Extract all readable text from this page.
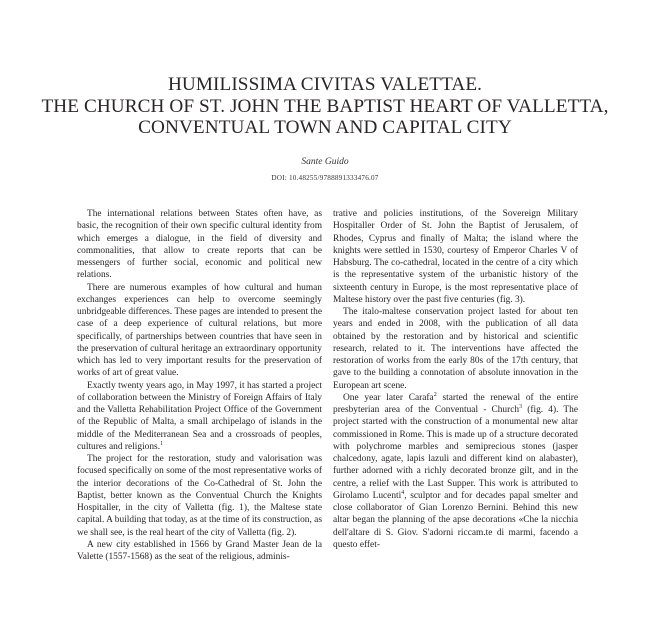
HUMILISSIMA CIVITAS VALETTAE.
THE CHURCH OF ST. JOHN THE BAPTIST HEART OF VALLETTA,
CONVENTUAL TOWN AND CAPITAL CITY
Sante Guido
DOI: 10.48255/9788891333476.07

The international relations between States often have, as basic, the recognition of their own specific cultural identity from which emerges a dialogue, in the field of diversity and commonalities, that allow to create reports that can be messengers of further social, economic and political new relations.

There are numerous examples of how cultural and human exchanges experiences can help to overcome seemingly unbridgeable differences. These pages are intended to present the case of a deep experience of cultural relations, but more specifically, of partnerships between countries that have seen in the preservation of cultural heritage an extraordinary opportunity which has led to very important results for the preservation of works of art of great value.

Exactly twenty years ago, in May 1997, it has started a project of collaboration between the Ministry of Foreign Affairs of Italy and the Valletta Rehabilitation Project Office of the Government of the Republic of Malta, a small archipelago of islands in the middle of the Mediterranean Sea and a crossroads of peoples, cultures and religions.$^1$

The project for the restoration, study and valorisation was focused specifically on some of the most representative works of the interior decorations of the Co-Cathedral of St. John the Baptist, better known as the Conventual Church the Knights Hospitaller, in the city of Valletta (fig. 1), the Maltese state capital. A building that today, as at the time of its construction, as we shall see, is the real heart of the city of Valletta (fig. 2).

A new city established in 1566 by Grand Master Jean de la Valette (1557-1568) as the seat of the religious, adminis-

trative and policies institutions, of the Sovereign Military Hospitaller Order of St. John the Baptist of Jerusalem, of Rhodes, Cyprus and finally of Malta; the island where the knights were settled in 1530, courtesy of Emperor Charles V of Habsburg. The co-cathedral, located in the centre of a city which is the representative system of the urbanistic history of the sixteenth century in Europe, is the most representative place of Maltese history over the past five centuries (fig. 3).

The italo-maltese conservation project lasted for about ten years and ended in 2008, with the publication of all data obtained by the restoration and by historical and scientific research, related to it. The interventions have affected the restoration of works from the early 80s of the 17th century, that gave to the building a connotation of absolute innovation in the European art scene.

One year later Carafa$^2$ started the renewal of the entire presbyterian area of the Conventual - Church$^3$ (fig. 4). The project started with the construction of a monumental new altar commissioned in Rome. This is made up of a structure decorated with polychrome marbles and semiprecious stones (jasper chalcedony, agate, lapis lazuli and different kind on alabaster), further adorned with a richly decorated bronze gilt, and in the centre, a relief with the Last Supper. This work is attributed to Girolamo Lucenti$^4$, sculptor and for decades papal smelter and close collaborator of Gian Lorenzo Bernini. Behind this new altar began the planning of the apse decorations «Che la nicchia dell'altare di S. Giov. S'adorni riccam.te di marmi, facendo a questo effet-
